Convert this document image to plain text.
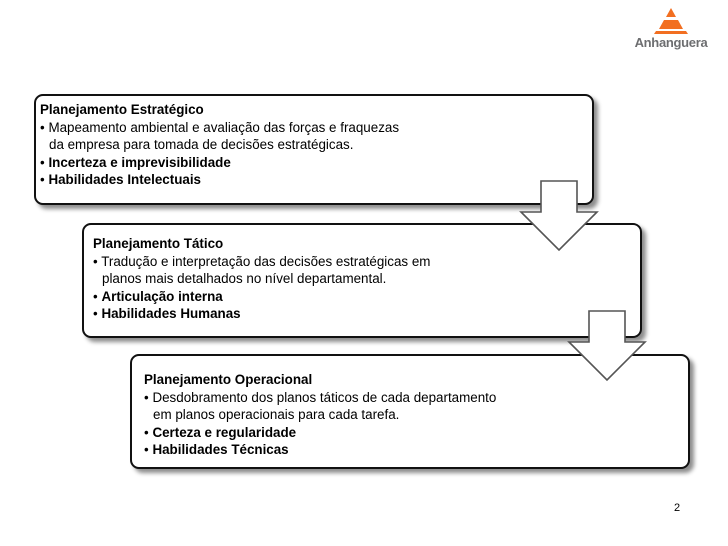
Anhanguera
Planejamento Estratégico
• Mapeamento ambiental e avaliação das forças e fraquezas
da empresa para tomada de decisões estratégicas.
• Incerteza e imprevisibilidade
• Habilidades Intelectuais
Planejamento Tático
• Tradução e interpretação das decisões estratégicas em
planos mais detalhados no nível departamental.
• Articulação interna
• Habilidades Humanas
Planejamento Operacional
• Desdobramento dos planos táticos de cada departamento
em planos operacionais para cada tarefa.
• Certeza e regularidade
• Habilidades Técnicas
2
